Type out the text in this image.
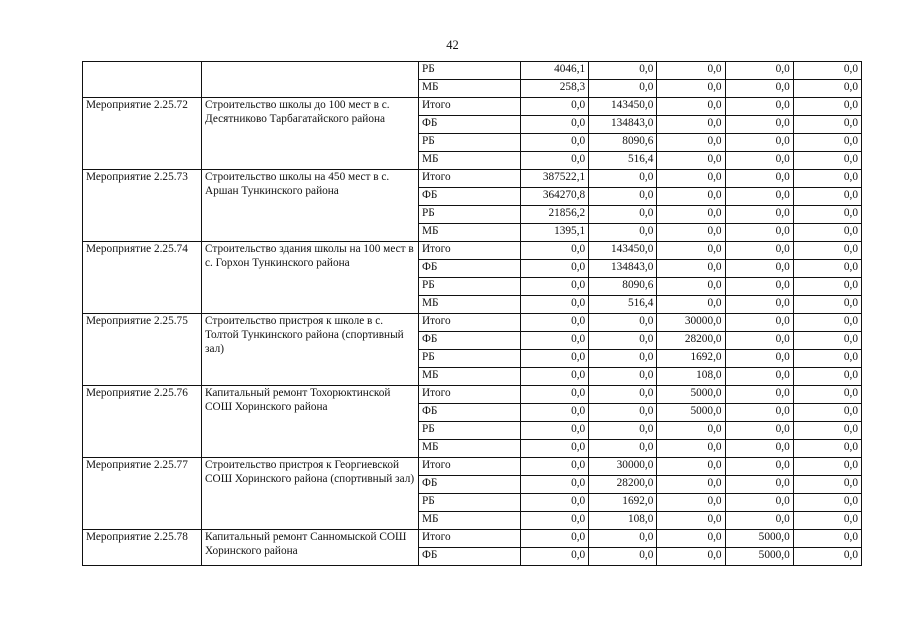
42
		РБ	4046,1	0,0	0,0	0,0	0,0
		МБ	258,3	0,0	0,0	0,0	0,0
Мероприятие 2.25.72	Строительство школы до 100 мест в с. Десятниково Тарбагатайского района	Итого	0,0	143450,0	0,0	0,0	0,0
		ФБ	0,0	134843,0	0,0	0,0	0,0
		РБ	0,0	8090,6	0,0	0,0	0,0
		МБ	0,0	516,4	0,0	0,0	0,0
Мероприятие 2.25.73	Строительство школы на 450 мест в с. Аршан Тункинского района	Итого	387522,1	0,0	0,0	0,0	0,0
		ФБ	364270,8	0,0	0,0	0,0	0,0
		РБ	21856,2	0,0	0,0	0,0	0,0
		МБ	1395,1	0,0	0,0	0,0	0,0
Мероприятие 2.25.74	Строительство здания школы на 100 мест в с. Горхон Тункинского района	Итого	0,0	143450,0	0,0	0,0	0,0
		ФБ	0,0	134843,0	0,0	0,0	0,0
		РБ	0,0	8090,6	0,0	0,0	0,0
		МБ	0,0	516,4	0,0	0,0	0,0
Мероприятие 2.25.75	Строительство пристроя к школе в с. Толтой Тункинского района (спортивный зал)	Итого	0,0	0,0	30000,0	0,0	0,0
		ФБ	0,0	0,0	28200,0	0,0	0,0
		РБ	0,0	0,0	1692,0	0,0	0,0
		МБ	0,0	0,0	108,0	0,0	0,0
Мероприятие 2.25.76	Капитальный ремонт Тохорюктинской СОШ Хоринского района	Итого	0,0	0,0	5000,0	0,0	0,0
		ФБ	0,0	0,0	5000,0	0,0	0,0
		РБ	0,0	0,0	0,0	0,0	0,0
		МБ	0,0	0,0	0,0	0,0	0,0
Мероприятие 2.25.77	Строительство пристроя к Георгиевской СОШ Хоринского района (спортивный зал)	Итого	0,0	30000,0	0,0	0,0	0,0
		ФБ	0,0	28200,0	0,0	0,0	0,0
		РБ	0,0	1692,0	0,0	0,0	0,0
		МБ	0,0	108,0	0,0	0,0	0,0
Мероприятие 2.25.78	Капитальный ремонт Санномыской СОШ Хоринского района	Итого	0,0	0,0	0,0	5000,0	0,0
		ФБ	0,0	0,0	0,0	5000,0	0,0
